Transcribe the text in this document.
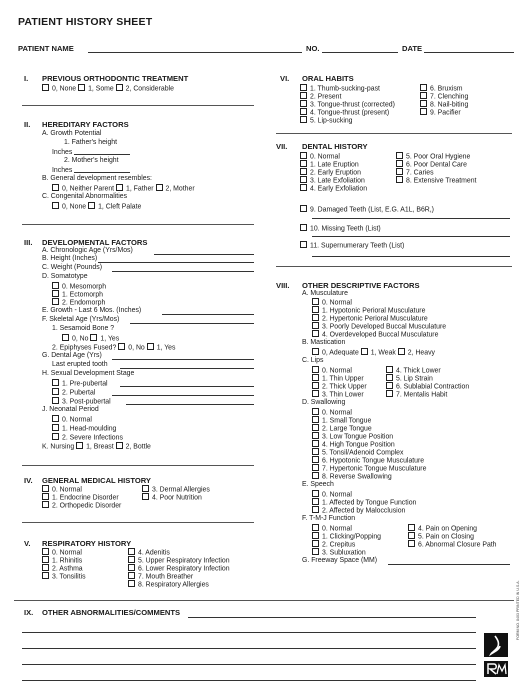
PATIENT HISTORY SHEET
PATIENT NAME	NO.	DATE
I. PREVIOUS ORTHODONTIC TREATMENT
0, None 1, Some 2, Considerable
II. HEREDITARY FACTORS
A. Growth Potential
1. Father's height
Inches
2. Mother's height
Inches
B. General development resembles:
0, Neither Parent 1, Father 2, Mother
C. Congenital Abnormalities
0, None 1, Cleft Palate
III. DEVELOPMENTAL FACTORS
A. Chronologic Age (Yrs/Mos)
B. Height (Inches)
C. Weight (Pounds)
D. Somatotype
0. Mesomorph
1. Ectomorph
2. Endomorph
E. Growth - Last 6 Mos. (Inches)
F. Skeletal Age (Yrs/Mos)
1. Sesamoid Bone ?
0, No 1, Yes
2. Epiphyses Fused? 0, No 1, Yes
G. Dental Age (Yrs)
Last erupted tooth
H. Sexual Development Stage
1. Pre-pubertal
2. Pubertal
3. Post-pubertal
J. Neonatal Period
0. Normal
1. Head-moulding
2. Severe Infections
K. Nursing 1, Breast 2, Bottle
IV. GENERAL MEDICAL HISTORY
0. Normal
1. Endocrine Disorder
2. Orthopedic Disorder
3. Dermal Allergies
4. Poor Nutrition
V. RESPIRATORY HISTORY
0. Normal
1. Rhinitis
2. Asthma
3. Tonsilitis
4. Adenitis
5. Upper Respiratory Infection
6. Lower Respiratory Infection
7. Mouth Breather
8. Respiratory Allergies
VI. ORAL HABITS
1. Thumb-sucking-past
2. Present
3. Tongue-thrust (corrected)
4. Tongue-thrust (present)
5. Lip-sucking
6. Bruxism
7. Clenching
8. Nail-biting
9. Pacifier
VII. DENTAL HISTORY
0. Normal
1. Late Eruption
2. Early Eruption
3. Late Exfoliation
4. Early Exfoliation
5. Poor Oral Hygiene
6. Poor Dental Care
7. Caries
8. Extensive Treatment
9. Damaged Teeth (List, E.G. A1L, B6R,)
10. Missing Teeth (List)
11. Supernumerary Teeth (List)
VIII. OTHER DESCRIPTIVE FACTORS
A. Musculature
0. Normal
1. Hypotonic Perioral Musculature
2. Hypertonic Perioral Musculature
3. Poorly Developed Buccal Musculature
4. Overdeveloped Buccal Musculature
B. Mastication
0, Adequate 1, Weak 2, Heavy
C. Lips
0. Normal
1. Thin Upper
2. Thick Upper
3. Thin Lower
4. Thick Lower
5. Lip Strain
6. Sublabial Contraction
7. Mentalis Habit
D. Swallowing
0. Normal
1. Small Tongue
2. Large Tongue
3. Low Tongue Position
4. High Tongue Position
5. Tonsil/Adenoid Complex
6. Hypotonic Tongue Musculature
7. Hypertonic Tongue Musculature
8. Reverse Swallowing
E. Speech
0. Normal
1. Affected by Tongue Function
2. Affected by Malocclusion
F. T-M-J Function
0. Normal
1. Clicking/Popping
2. Crepitus
3. Subluxation
4. Pain on Opening
5. Pain on Closing
6. Abnormal Closure Path
G. Freeway Space (MM)
IX. OTHER ABNORMALITIES/COMMENTS	FORM NO. 8403 PRINTED IN U.S.A.
